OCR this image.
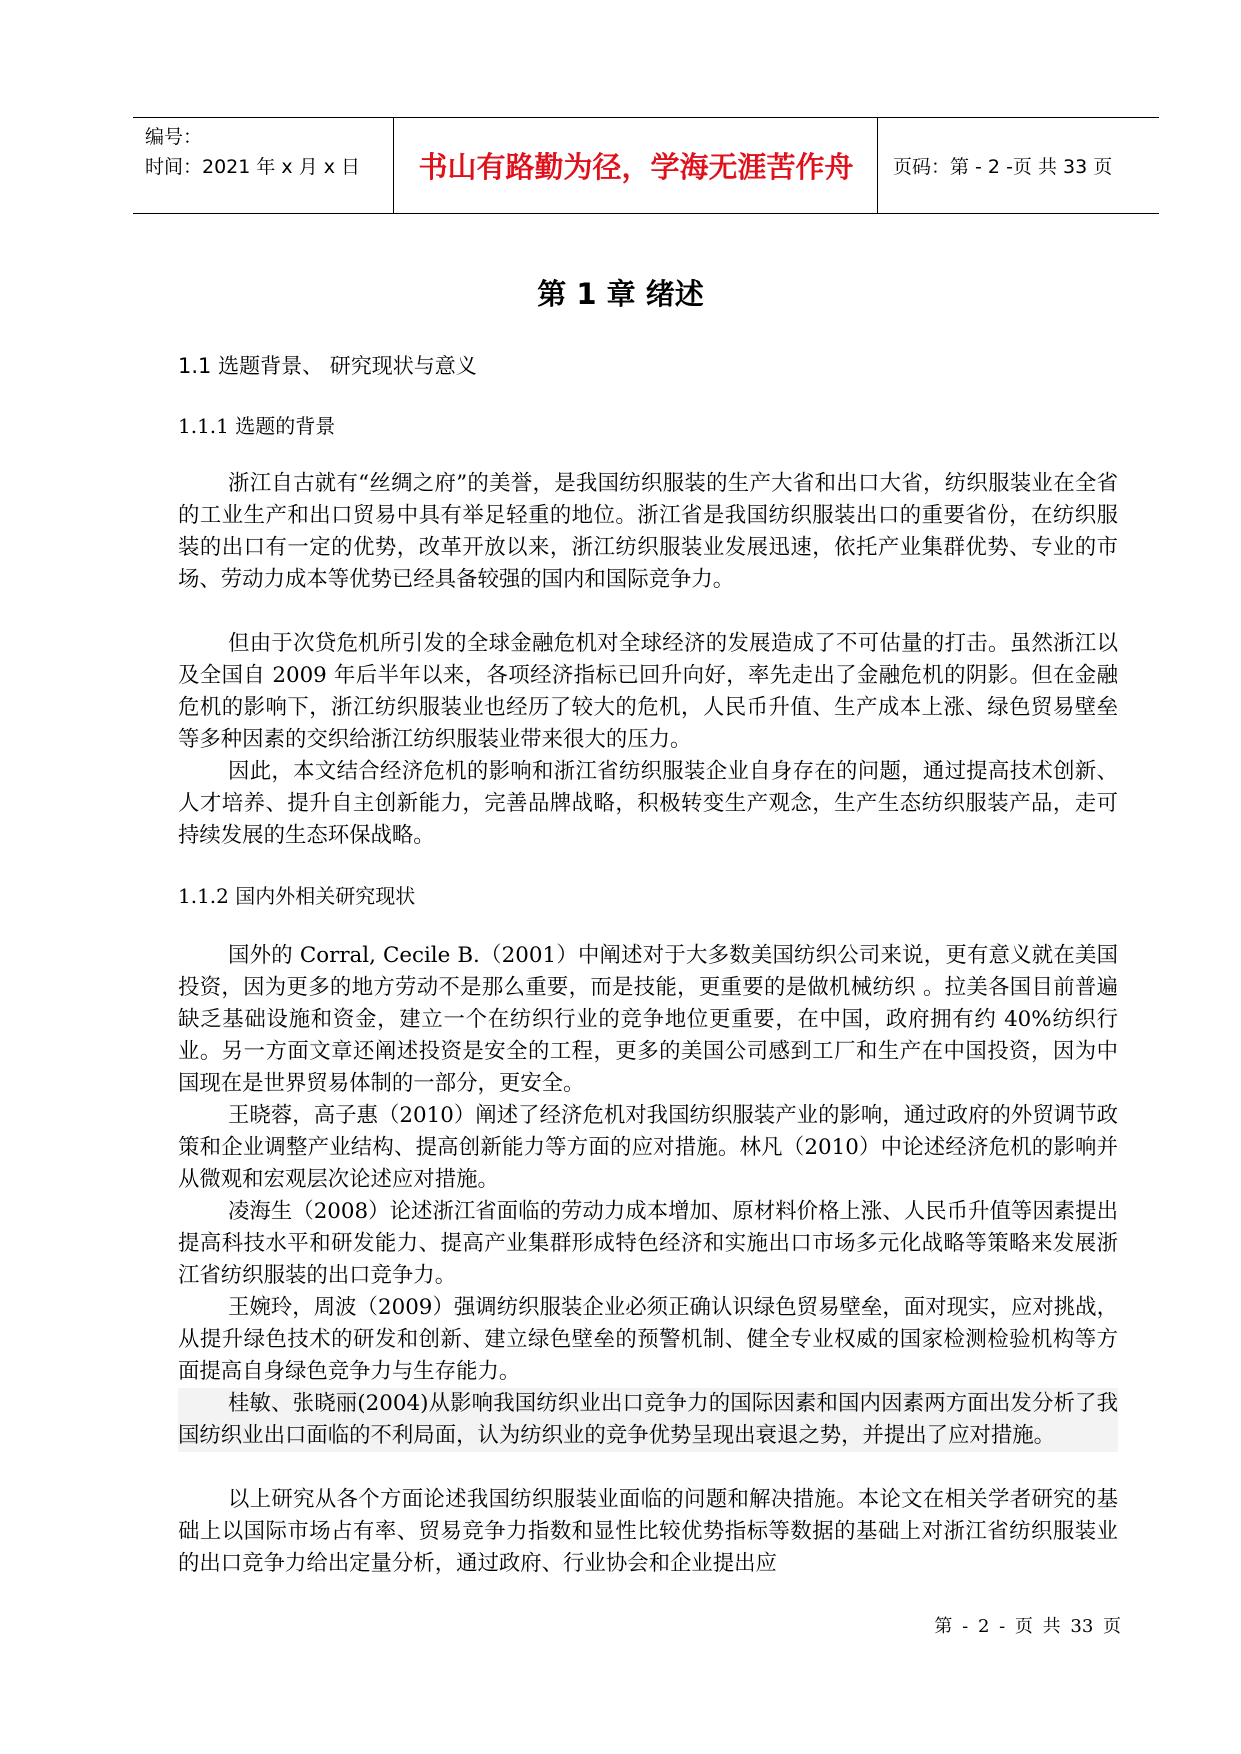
编号：
时间：2021 年 x 月 x 日	书山有路勤为径，学海无涯苦作舟	页码：第 - 2 -页 共 33 页
第 1 章 绪述
1.1 选题背景、 研究现状与意义
1.1.1 选题的背景

浙江自古就有“丝绸之府”的美誉，是我国纺织服装的生产大省和出口大省，纺织服装业在全省的工业生产和出口贸易中具有举足轻重的地位。浙江省是我国纺织服装出口的重要省份，在纺织服装的出口有一定的优势，改革开放以来，浙江纺织服装业发展迅速，依托产业集群优势、专业的市场、劳动力成本等优势已经具备较强的国内和国际竞争力。

但由于次贷危机所引发的全球金融危机对全球经济的发展造成了不可估量的打击。虽然浙江以及全国自 2009 年后半年以来，各项经济指标已回升向好，率先走出了金融危机的阴影。但在金融危机的影响下，浙江纺织服装业也经历了较大的危机，人民币升值、生产成本上涨、绿色贸易壁垒等多种因素的交织给浙江纺织服装业带来很大的压力。

因此，本文结合经济危机的影响和浙江省纺织服装企业自身存在的问题，通过提高技术创新、人才培养、提升自主创新能力，完善品牌战略，积极转变生产观念，生产生态纺织服装产品，走可持续发展的生态环保战略。

1.1.2 国内外相关研究现状

国外的 Corral, Cecile B.（2001）中阐述对于大多数美国纺织公司来说，更有意义就在美国投资，因为更多的地方劳动不是那么重要，而是技能，更重要的是做机械纺织 。拉美各国目前普遍缺乏基础设施和资金，建立一个在纺织行业的竞争地位更重要，在中国，政府拥有约 40%纺织行业。另一方面文章还阐述投资是安全的工程，更多的美国公司感到工厂和生产在中国投资，因为中国现在是世界贸易体制的一部分，更安全。

王晓蓉，高子惠（2010）阐述了经济危机对我国纺织服装产业的影响，通过政府的外贸调节政策和企业调整产业结构、提高创新能力等方面的应对措施。林凡（2010）中论述经济危机的影响并从微观和宏观层次论述应对措施。

凌海生（2008）论述浙江省面临的劳动力成本增加、原材料价格上涨、人民币升值等因素提出提高科技水平和研发能力、提高产业集群形成特色经济和实施出口市场多元化战略等策略来发展浙江省纺织服装的出口竞争力。

王婉玲，周波（2009）强调纺织服装企业必须正确认识绿色贸易壁垒，面对现实，应对挑战，从提升绿色技术的研发和创新、建立绿色壁垒的预警机制、健全专业权威的国家检测检验机构等方面提高自身绿色竞争力与生存能力。

桂敏、张晓丽(2004)从影响我国纺织业出口竞争力的国际因素和国内因素两方面出发分析了我国纺织业出口面临的不利局面，认为纺织业的竞争优势呈现出衰退之势，并提出了应对措施。

以上研究从各个方面论述我国纺织服装业面临的问题和解决措施。本论文在相关学者研究的基础上以国际市场占有率、贸易竞争力指数和显性比较优势指标等数据的基础上对浙江省纺织服装业的出口竞争力给出定量分析，通过政府、行业协会和企业提出应

第 - 2 - 页 共 33 页
